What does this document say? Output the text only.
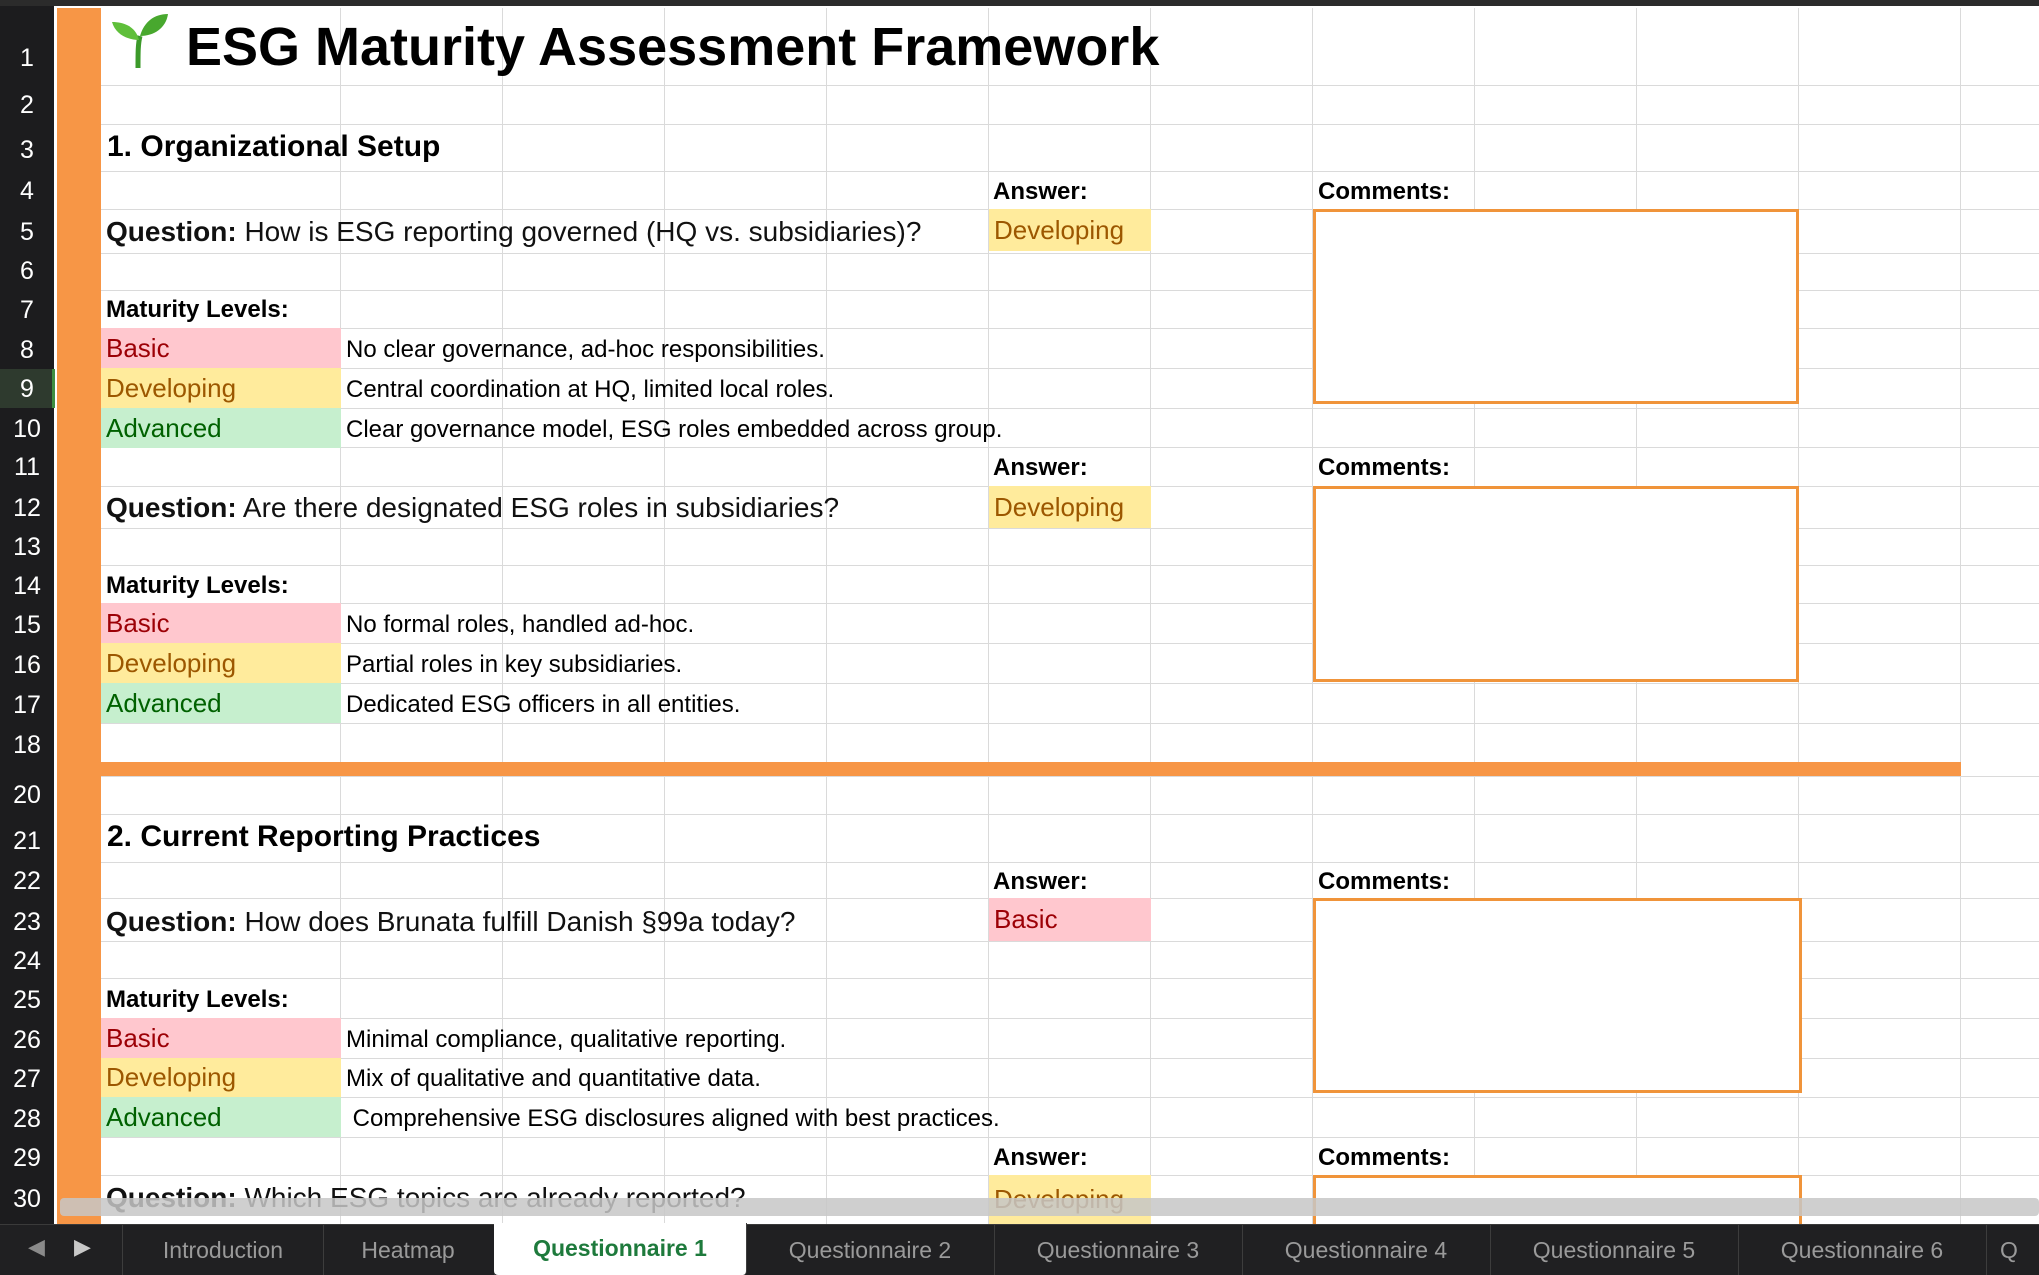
1
2
3
4
5
6
7
8
9
10
11
12
13
14
15
16
17
18
20
21
22
23
24
25
26
27
28
29
30
ESG Maturity Assessment Framework
1. Organizational Setup
Answer:	Comments:
Question: How is ESG reporting governed (HQ vs. subsidiaries)?	Developing
Maturity Levels:
Basic	No clear governance, ad-hoc responsibilities.
Developing	Central coordination at HQ, limited local roles.
Advanced	Clear governance model, ESG roles embedded across group.
Answer:	Comments:
Question: Are there designated ESG roles in subsidiaries?	Developing
Maturity Levels:
Basic	No formal roles, handled ad-hoc.
Developing	Partial roles in key subsidiaries.
Advanced	Dedicated ESG officers in all entities.
2. Current Reporting Practices
Answer:	Comments:
Question: How does Brunata fulfill Danish §99a today?	Basic
Maturity Levels:
Basic	Minimal compliance, qualitative reporting.
Developing	Mix of qualitative and quantitative data.
Advanced	Comprehensive ESG disclosures aligned with best practices.
Answer:	Comments:
◀ ▶	Introduction	Heatmap	Questionnaire 1	Questionnaire 2	Questionnaire 3	Questionnaire 4	Questionnaire 5	Questionnaire 6	Q
